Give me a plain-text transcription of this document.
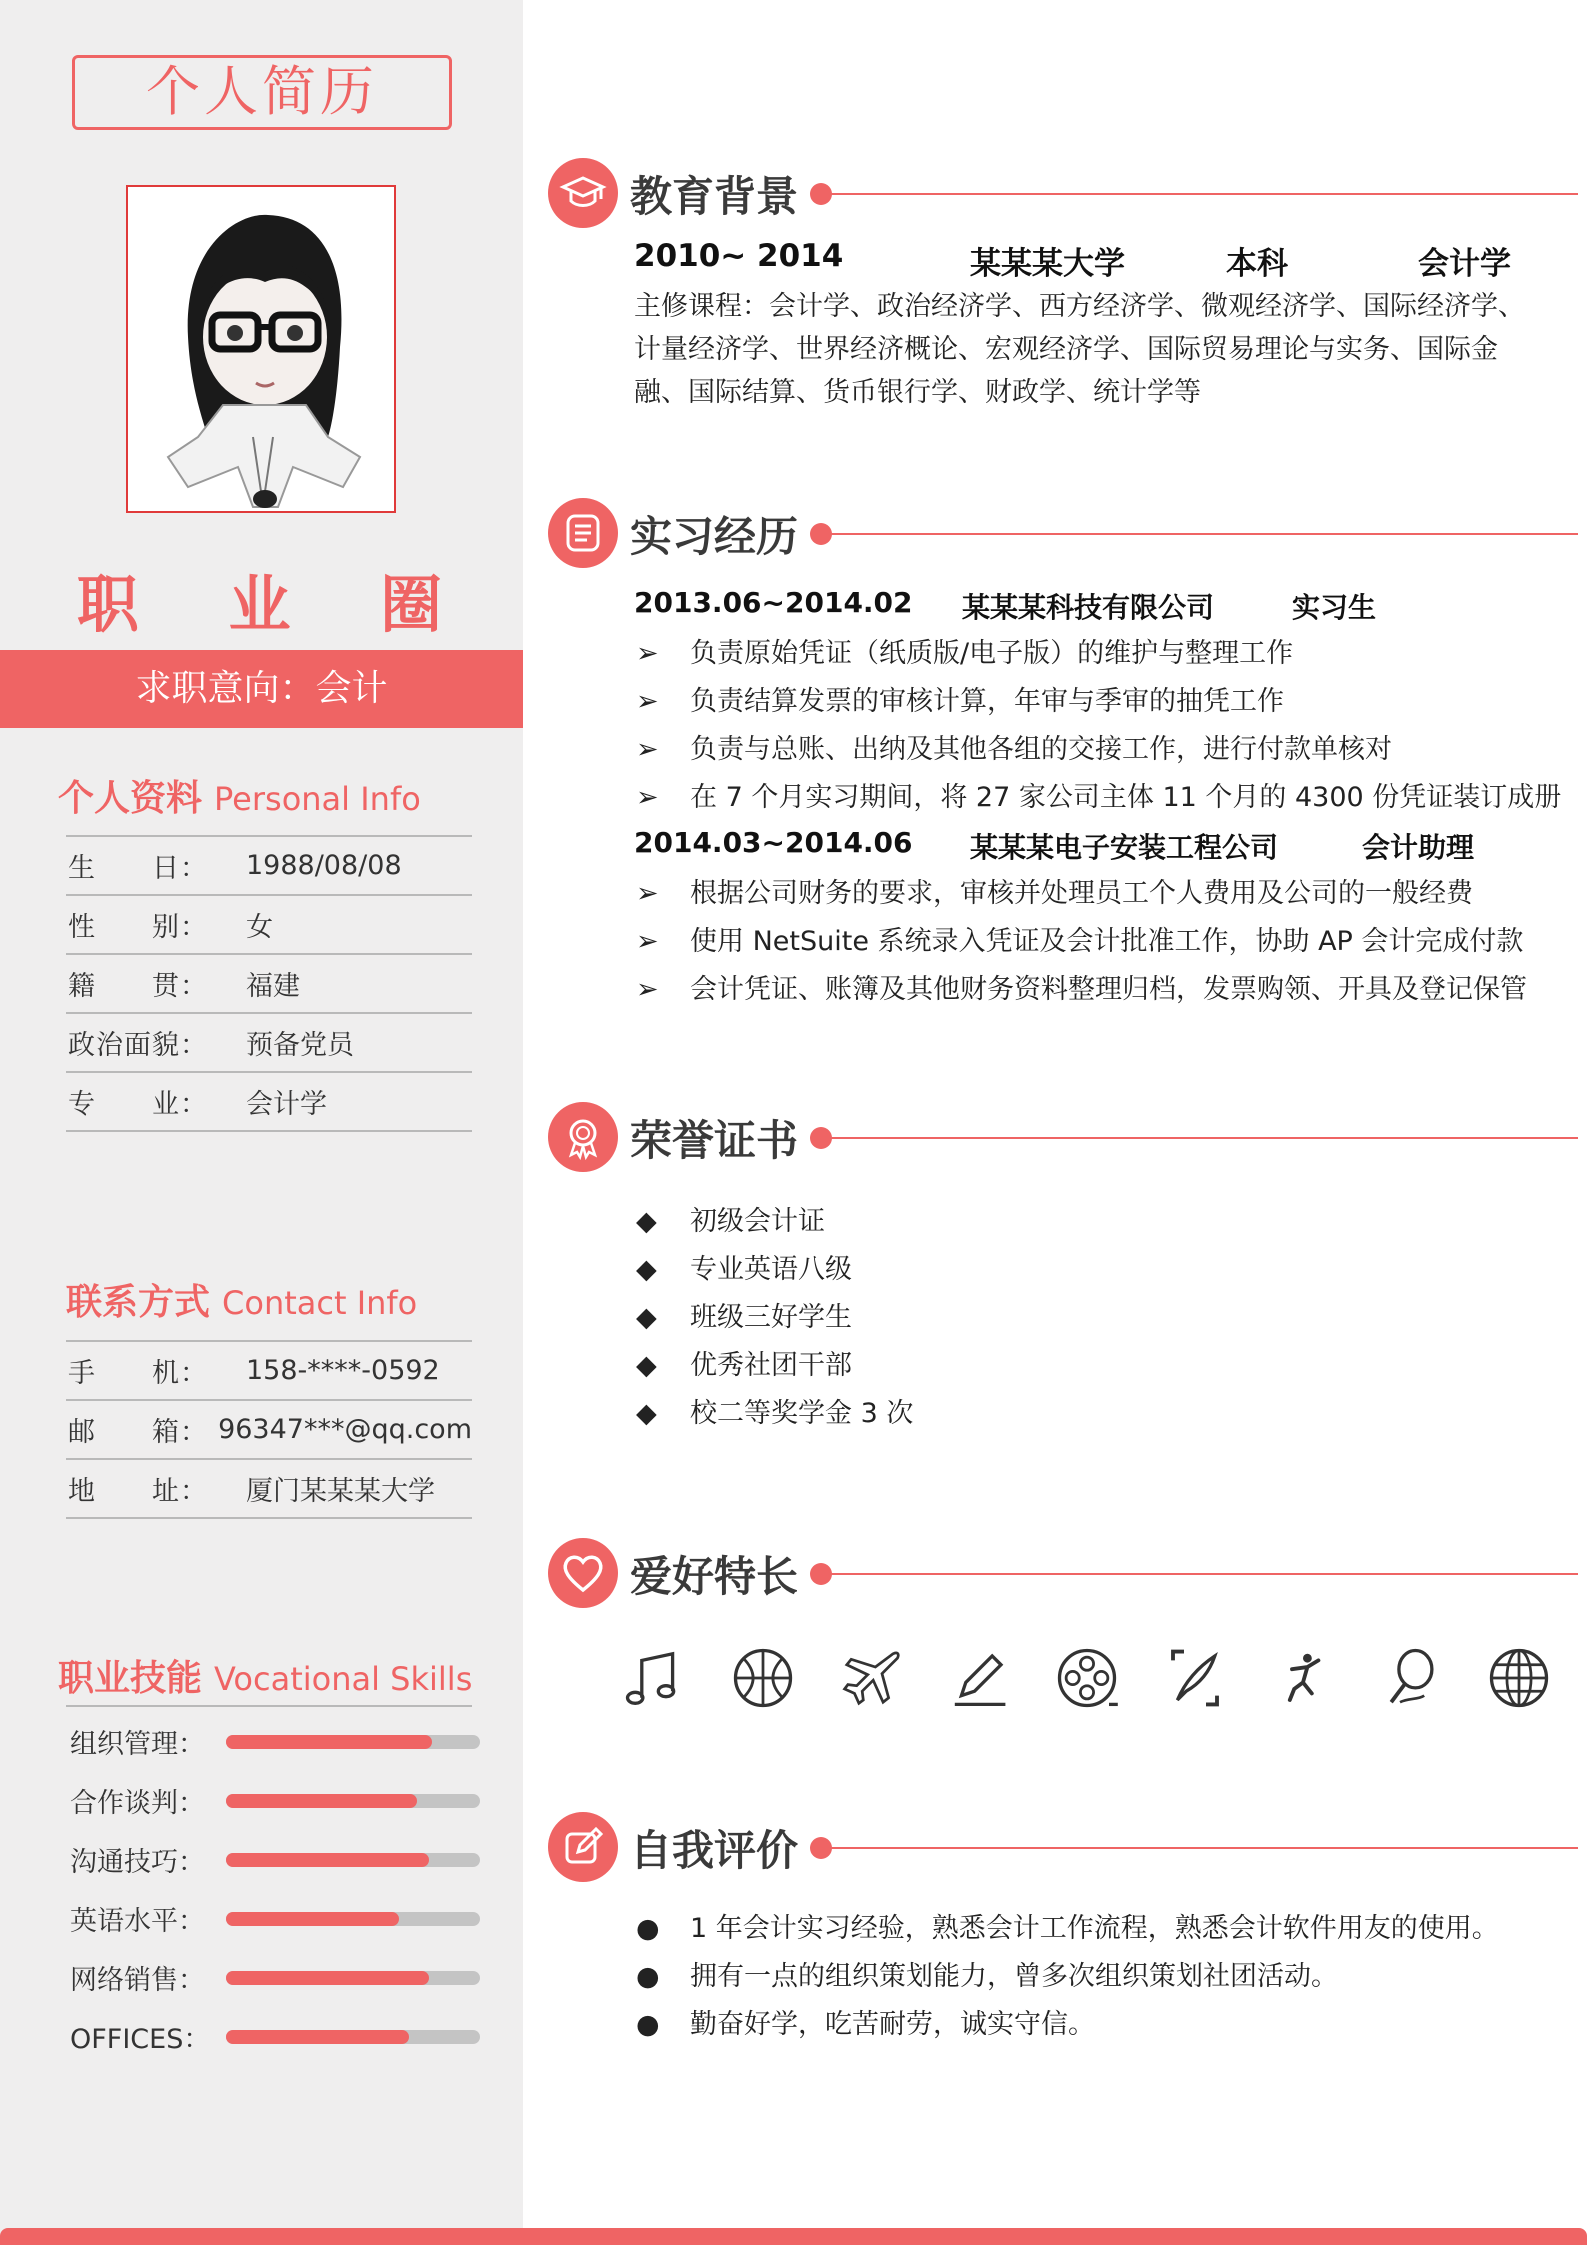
个人简历
职 业 圈
求职意向：会计
个人资料 Personal Info
生　　日：	1988/08/08
性　　别：	女
籍　　贯：	福建
政治面貌：	预备党员
专　　业：	会计学
联系方式 Contact Info
手　　机：	158-****-0592
邮　　箱： 96347***@qq.com
地　　址：	厦门某某某大学
职业技能 Vocational Skills
组织管理：
合作谈判：
沟通技巧：
英语水平：
网络销售：
OFFICES：
教育背景
2010~ 2014	某某某大学	本科	会计学
主修课程：会计学、政治经济学、西方经济学、微观经济学、国际经济学、计量经济学、世界经济概论、宏观经济学、国际贸易理论与实务、国际金融、国际结算、货币银行学、财政学、统计学等
实习经历
2013.06~2014.02 某某某科技有限公司	实习生
➢ 负责原始凭证（纸质版/电子版）的维护与整理工作
➢ 负责结算发票的审核计算，年审与季审的抽凭工作
➢ 负责与总账、出纳及其他各组的交接工作，进行付款单核对
➢ 在 7 个月实习期间，将 27 家公司主体 11 个月的 4300 份凭证装订成册
2014.03~2014.06 某某某电子安装工程公司	会计助理
➢ 根据公司财务的要求，审核并处理员工个人费用及公司的一般经费
➢ 使用 NetSuite 系统录入凭证及会计批准工作，协助 AP 会计完成付款
➢ 会计凭证、账簿及其他财务资料整理归档，发票购领、开具及登记保管
荣誉证书
◆ 初级会计证
◆ 专业英语八级
◆ 班级三好学生
◆ 优秀社团干部
◆ 校二等奖学金 3 次
爱好特长
自我评价
● 1 年会计实习经验，熟悉会计工作流程，熟悉会计软件用友的使用。
● 拥有一点的组织策划能力，曾多次组织策划社团活动。
● 勤奋好学，吃苦耐劳，诚实守信。
